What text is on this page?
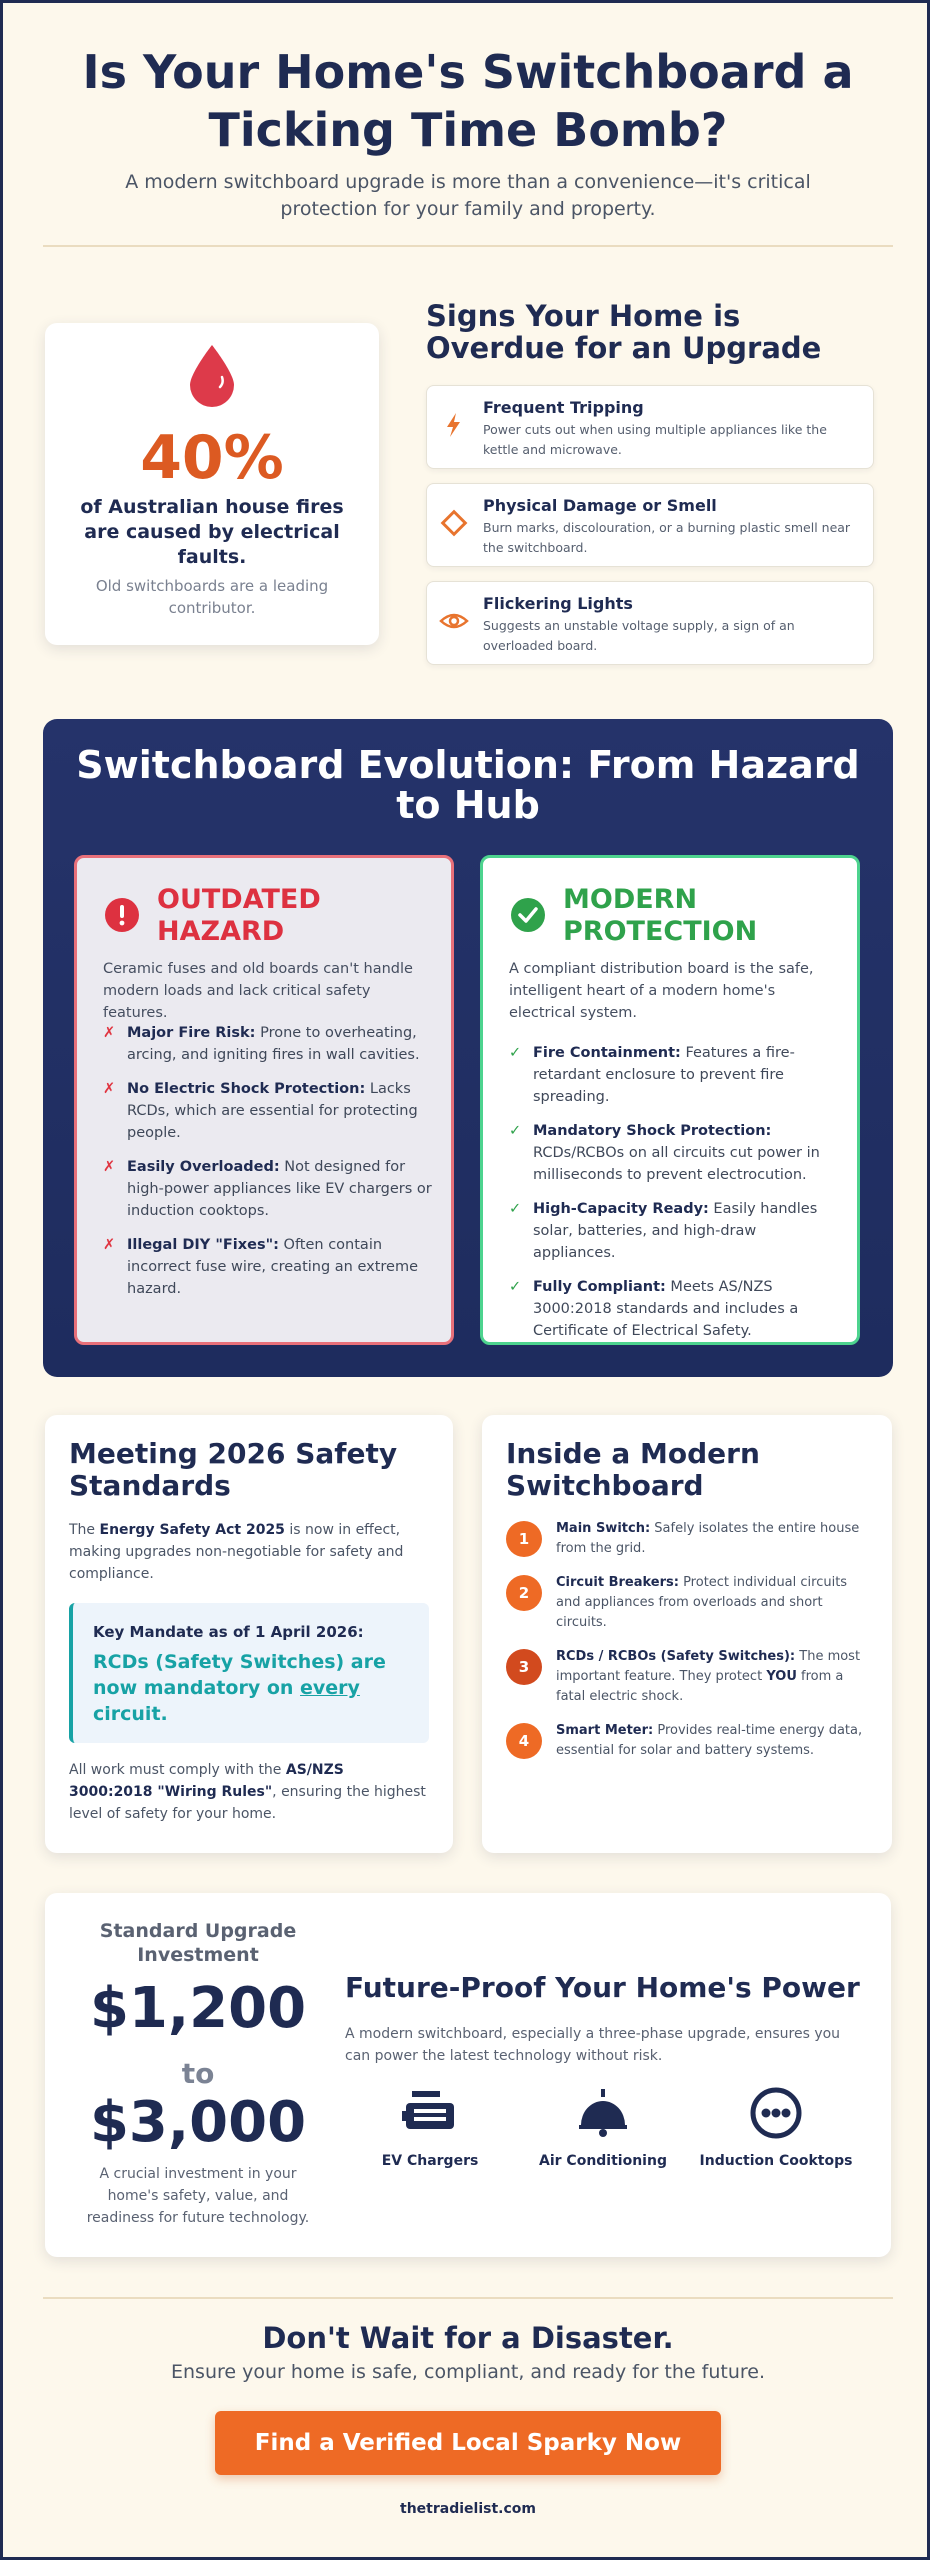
Is Your Home's Switchboard a Ticking Time Bomb?

A modern switchboard upgrade is more than a convenience—it's critical protection for your family and property.

40%
of Australian house fires are caused by electrical faults.
Old switchboards are a leading contributor.
Signs Your Home is Overdue for an Upgrade
Frequent Tripping
Power cuts out when using multiple appliances like the kettle and microwave.
Physical Damage or Smell
Burn marks, discolouration, or a burning plastic smell near the switchboard.
Flickering Lights
Suggests an unstable voltage supply, a sign of an overloaded board.
Switchboard Evolution: From Hazard to Hub
OUTDATED HAZARD
Ceramic fuses and old boards can't handle modern loads and lack critical safety features.
✗ Major Fire Risk: Prone to overheating, arcing, and igniting fires in wall cavities.
✗ No Electric Shock Protection: Lacks RCDs, which are essential for protecting people.
✗ Easily Overloaded: Not designed for high-power appliances like EV chargers or induction cooktops.
✗ Illegal DIY "Fixes": Often contain incorrect fuse wire, creating an extreme hazard.
MODERN PROTECTION
A compliant distribution board is the safe, intelligent heart of a modern home's electrical system.
✓ Fire Containment: Features a fire-retardant enclosure to prevent fire spreading.
✓ Mandatory Shock Protection: RCDs/RCBOs on all circuits cut power in milliseconds to prevent electrocution.
✓ High-Capacity Ready: Easily handles solar, batteries, and high-draw appliances.
✓ Fully Compliant: Meets AS/NZS 3000:2018 standards and includes a Certificate of Electrical Safety.
Meeting 2026 Safety Standards

The Energy Safety Act 2025 is now in effect, making upgrades non-negotiable for safety and compliance.

Key Mandate as of 1 April 2026:
RCDs (Safety Switches) are now mandatory on every circuit.

All work must comply with the AS/NZS 3000:2018 "Wiring Rules", ensuring the highest level of safety for your home.

Inside a Modern Switchboard
1
Main Switch: Safely isolates the entire house from the grid.
2
Circuit Breakers: Protect individual circuits and appliances from overloads and short circuits.
3
RCDs / RCBOs (Safety Switches): The most important feature. They protect YOU from a fatal electric shock.
4
Smart Meter: Provides real-time energy data, essential for solar and battery systems.
Standard Upgrade Investment
$1,200
to
$3,000
A crucial investment in your home's safety, value, and readiness for future technology.
Future-Proof Your Home's Power

A modern switchboard, especially a three-phase upgrade, ensures you can power the latest technology without risk.

EV Chargers	Air Conditioning	Induction Cooktops
Don't Wait for a Disaster.

Ensure your home is safe, compliant, and ready for the future.

Find a Verified Local Sparky Now
thetradielist.com
